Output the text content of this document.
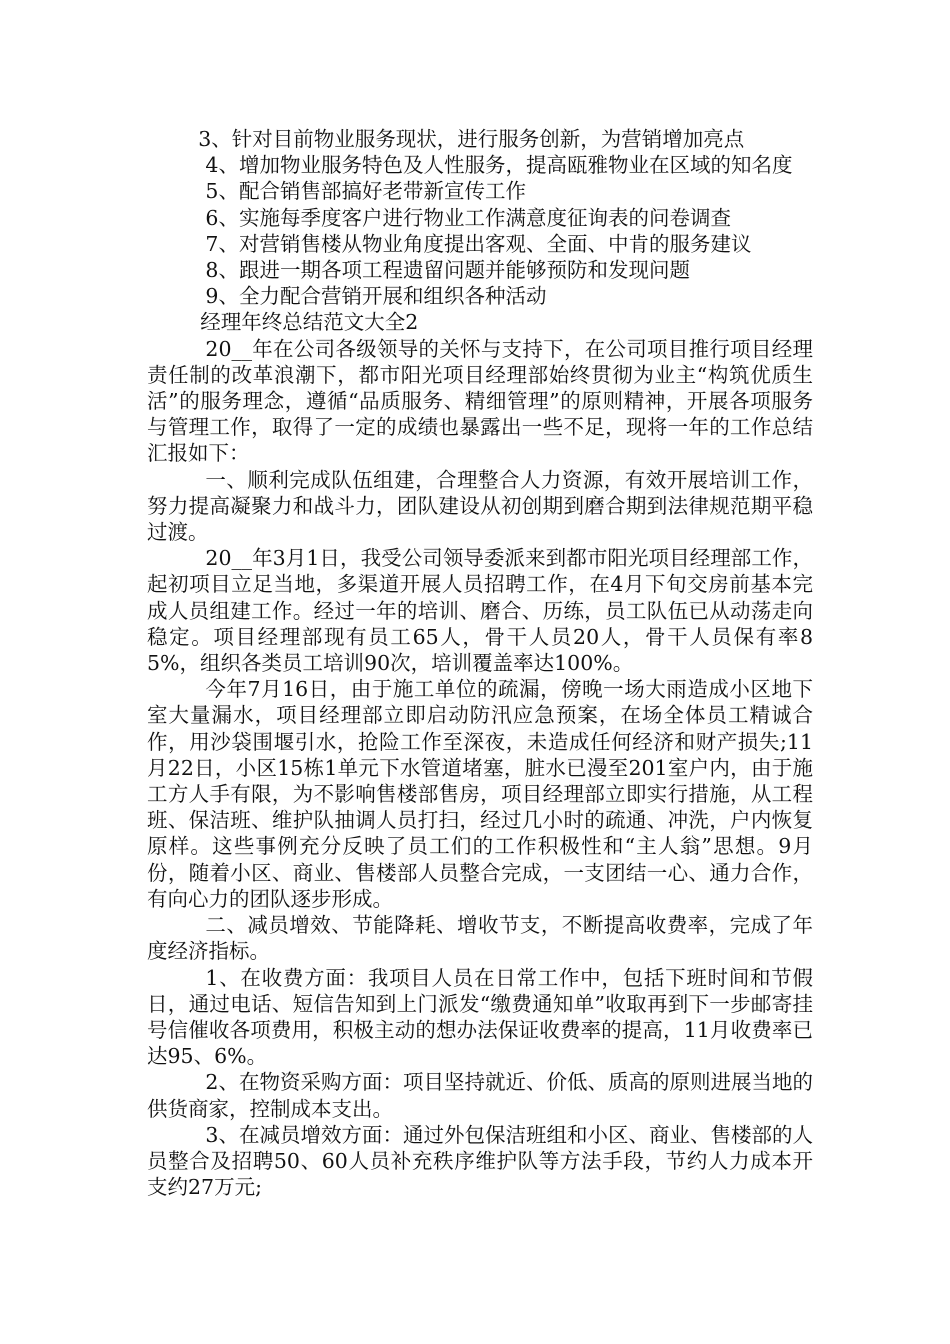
3、针对目前物业服务现状，进行服务创新，为营销增加亮点

4、增加物业服务特色及人性服务，提高瓯雅物业在区域的知名度

5、配合销售部搞好老带新宣传工作

6、实施每季度客户进行物业工作满意度征询表的问卷调查

7、对营销售楼从物业角度提出客观、全面、中肯的服务建议

8、跟进一期各项工程遗留问题并能够预防和发现问题

9、全力配合营销开展和组织各种活动

经理年终总结范文大全2

20__年在公司各级领导的关怀与支持下，在公司项目推行项目经理责任制的改革浪潮下，都市阳光项目经理部始终贯彻为业主“构筑优质生活”的服务理念，遵循“品质服务、精细管理”的原则精神，开展各项服务与管理工作，取得了一定的成绩也暴露出一些不足，现将一年的工作总结汇报如下：

一、顺利完成队伍组建，合理整合人力资源，有效开展培训工作，努力提高凝聚力和战斗力，团队建设从初创期到磨合期到法律规范期平稳过渡。

20__年3月1日，我受公司领导委派来到都市阳光项目经理部工作，起初项目立足当地，多渠道开展人员招聘工作，在4月下旬交房前基本完成人员组建工作。经过一年的培训、磨合、历练，员工队伍已从动荡走向稳定。项目经理部现有员工65人，骨干人员20人，骨干人员保有率85%，组织各类员工培训90次，培训覆盖率达100%。

今年7月16日，由于施工单位的疏漏，傍晚一场大雨造成小区地下室大量漏水，项目经理部立即启动防汛应急预案，在场全体员工精诚合作，用沙袋围堰引水，抢险工作至深夜，未造成任何经济和财产损失;11月22日，小区15栋1单元下水管道堵塞，脏水已漫至201室户内，由于施工方人手有限，为不影响售楼部售房，项目经理部立即实行措施，从工程班、保洁班、维护队抽调人员打扫，经过几小时的疏通、冲洗，户内恢复原样。这些事例充分反映了员工们的工作积极性和“主人翁”思想。9月份，随着小区、商业、售楼部人员整合完成，一支团结一心、通力合作，有向心力的团队逐步形成。

二、减员增效、节能降耗、增收节支，不断提高收费率，完成了年度经济指标。

1、在收费方面：我项目人员在日常工作中，包括下班时间和节假日，通过电话、短信告知到上门派发“缴费通知单”收取再到下一步邮寄挂号信催收各项费用，积极主动的想办法保证收费率的提高，11月收费率已达95、6%。

2、在物资采购方面：项目坚持就近、价低、质高的原则进展当地的供货商家，控制成本支出。

3、在减员增效方面：通过外包保洁班组和小区、商业、售楼部的人员整合及招聘50、60人员补充秩序维护队等方法手段，节约人力成本开支约27万元;
